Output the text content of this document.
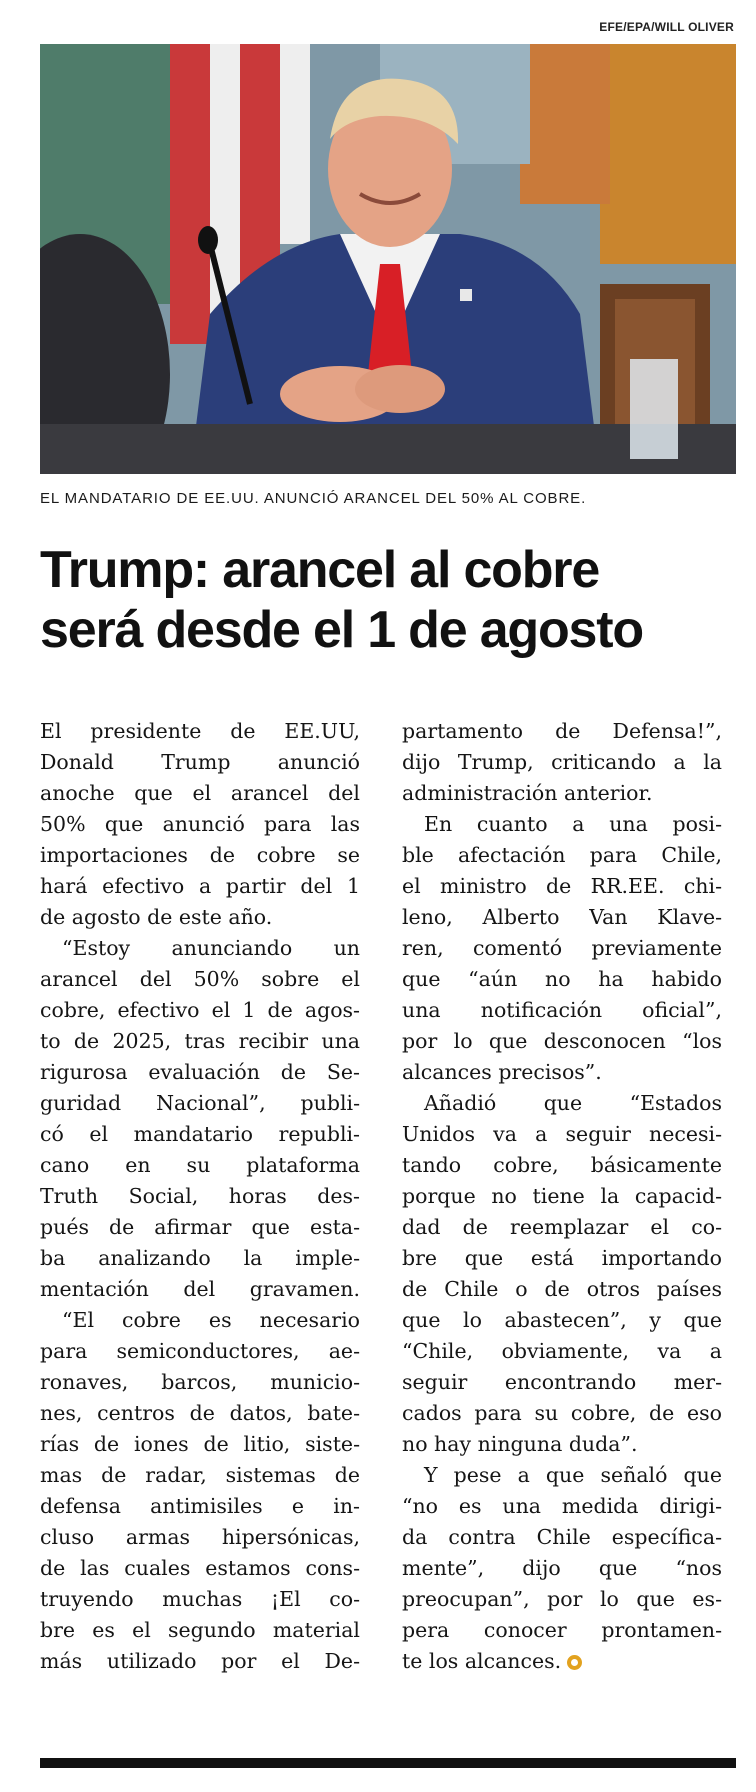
EFE/EPA/WILL OLIVER
EL MANDATARIO DE EE.UU. ANUNCIÓ ARANCEL DEL 50% AL COBRE.
Trump: arancel al cobre
será desde el 1 de agosto
El presidente de EE.UU,
Donald Trump anunció
anoche que el arancel del
50% que anunció para las
importaciones de cobre se
hará efectivo a partir del 1
de agosto de este año.
“Estoy anunciando un
arancel del 50% sobre el
cobre, efectivo el 1 de agos-
to de 2025, tras recibir una
rigurosa evaluación de Se-
guridad Nacional”, publi-
có el mandatario republi-
cano en su plataforma
Truth Social, horas des-
pués de afirmar que esta-
ba analizando la imple-
mentación del gravamen.
“El cobre es necesario
para semiconductores, ae-
ronaves, barcos, municio-
nes, centros de datos, bate-
rías de iones de litio, siste-
mas de radar, sistemas de
defensa antimisiles e in-
cluso armas hipersónicas,
de las cuales estamos cons-
truyendo muchas ¡El co-
bre es el segundo material
más utilizado por el De-
partamento de Defensa!”,
dijo Trump, criticando a la
administración anterior.
En cuanto a una posi-
ble afectación para Chile,
el ministro de RR.EE. chi-
leno, Alberto Van Klave-
ren, comentó previamente
que “aún no ha habido
una notificación oficial”,
por lo que desconocen “los
alcances precisos”.
Añadió que “Estados
Unidos va a seguir necesi-
tando cobre, básicamente
porque no tiene la capacid-
dad de reemplazar el co-
bre que está importando
de Chile o de otros países
que lo abastecen”, y que
“Chile, obviamente, va a
seguir encontrando mer-
cados para su cobre, de eso
no hay ninguna duda”.
Y pese a que señaló que
“no es una medida dirigi-
da contra Chile específica-
mente”, dijo que “nos
preocupan”, por lo que es-
pera conocer prontamen-
te los alcances.
